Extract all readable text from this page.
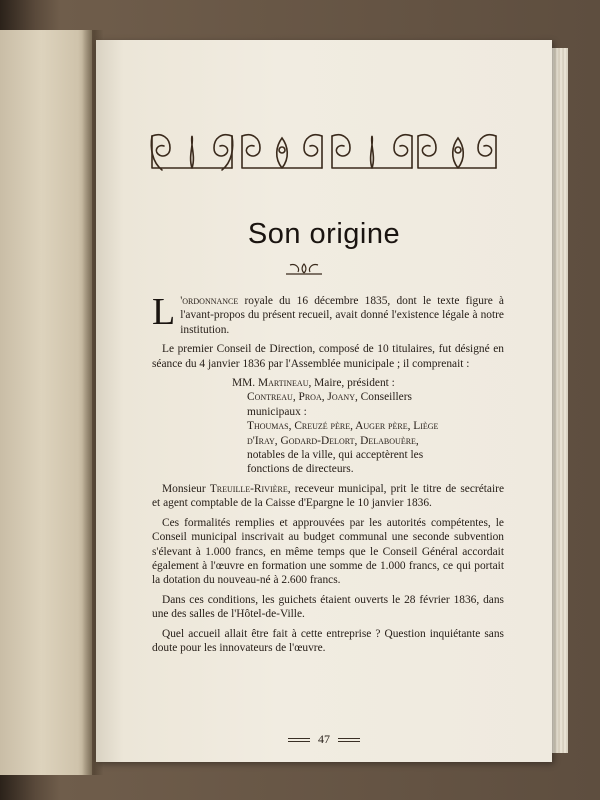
Son origine

L 'ordonnance royale du 16 décembre 1835, dont le texte figure à l'avant-propos du présent recueil, avait donné l'existence légale à notre institution.

Le premier Conseil de Direction, composé de 10 titulaires, fut désigné en séance du 4 janvier 1836 par l'Assemblée municipale ; il comprenait :

MM. Martineau, Maire, président :
Contreau, Proa, Joany, Conseillers
municipaux :
Thoumas, Creuzé père, Auger père, Liège
d'Iray, Godard-Delort, Delabouère,
notables de la ville, qui acceptèrent les
fonctions de directeurs.

Monsieur Treuille-Rivière, receveur municipal, prit le titre de secrétaire et agent comptable de la Caisse d'Epargne le 10 janvier 1836.

Ces formalités remplies et approuvées par les autorités compétentes, le Conseil municipal inscrivait au budget communal une seconde subvention s'élevant à 1.000 francs, en même temps que le Conseil Général accordait également à l'œuvre en formation une somme de 1.000 francs, ce qui portait la dotation du nouveau-né à 2.600 francs.

Dans ces conditions, les guichets étaient ouverts le 28 février 1836, dans une des salles de l'Hôtel-de-Ville.

Quel accueil allait être fait à cette entreprise ? Question inquiétante sans doute pour les innovateurs de l'œuvre.

47
